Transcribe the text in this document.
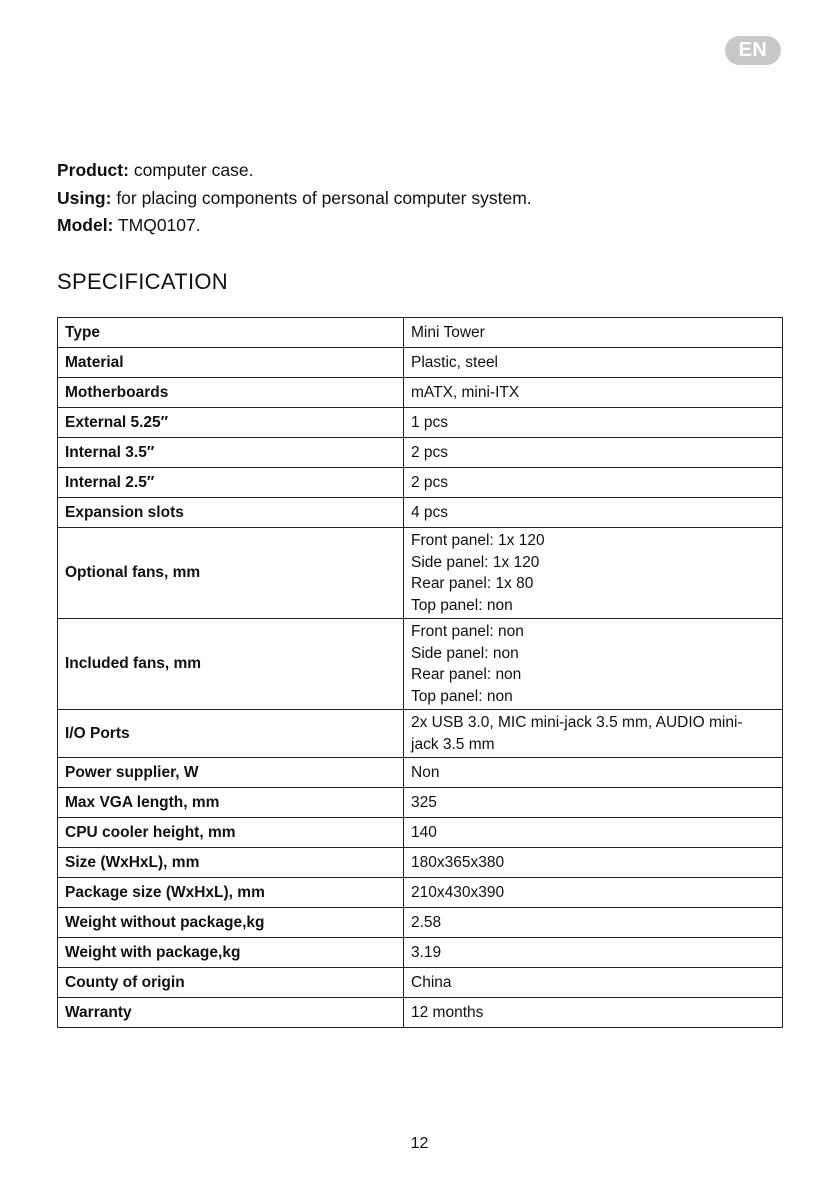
EN
Product: computer case.
Using: for placing components of personal computer system.
Model: TMQ0107.
SPECIFICATION
Type	Mini Tower
Material	Plastic, steel
Motherboards	mATX, mini-ITX
External 5.25″	1 pcs
Internal 3.5″	2 pcs
Internal 2.5″	2 pcs
Expansion slots	4 pcs
Optional fans, mm	Front panel: 1x 120
Side panel: 1x 120
Rear panel: 1x 80
Top panel: non
Included fans, mm	Front panel: non
Side panel: non
Rear panel: non
Top panel: non
I/O Ports	2x USB 3.0, MIC mini-jack 3.5 mm, AUDIO mini-
jack 3.5 mm
Power supplier, W	Non
Max VGA length, mm	325
CPU cooler height, mm	140
Size (WxHxL), mm	180x365x380
Package size (WxHxL), mm	210x430x390
Weight without package,kg	2.58
Weight with package,kg	3.19
County of origin	China
Warranty	12 months
12
